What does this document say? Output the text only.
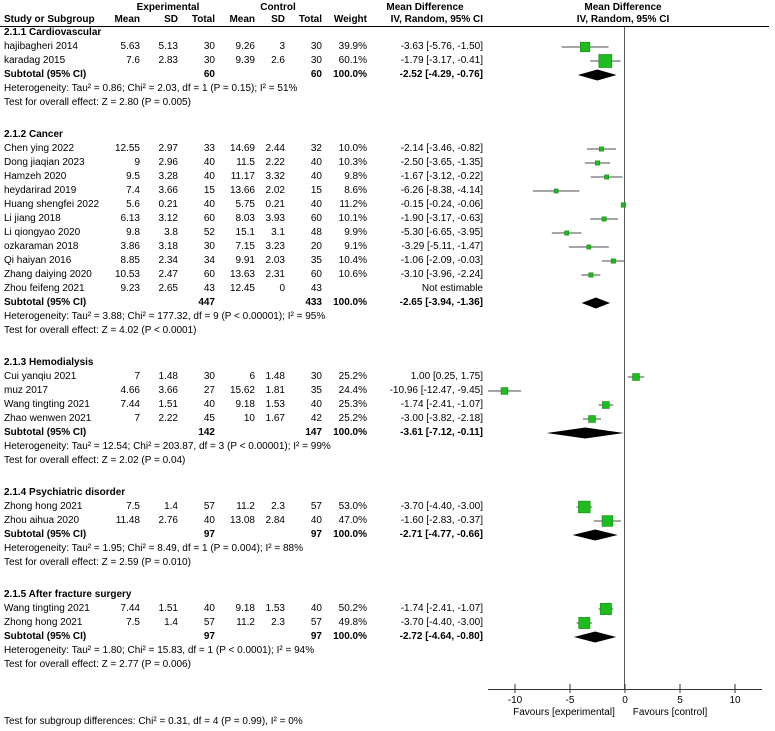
Experimental	Control	Mean Difference	Mean Difference
Study or Subgroup	Mean	SD	Total	Mean	SD	Total	Weight	IV, Random, 95% CI	IV, Random, 95% CI
2.1.1 Cardiovascular
hajibagheri 2014	5.63	5.13	30	9.26	3	30	39.9%	-3.63 [-5.76, -1.50]
karadag 2015	7.6	2.83	30	9.39	2.6	30	60.1%	-1.79 [-3.17, -0.41]
Subtotal (95% CI)	60	60	100.0%	-2.52 [-4.29, -0.76]
Heterogeneity: Tau² = 0.86; Chi² = 2.03, df = 1 (P = 0.15); I² = 51%
Test for overall effect: Z = 2.80 (P = 0.005)
2.1.2 Cancer
Chen ying 2022	12.55	2.97	33	14.69	2.44	32	10.0%	-2.14 [-3.46, -0.82]
Dong jiaqian 2023	9	2.96	40	11.5	2.22	40	10.3%	-2.50 [-3.65, -1.35]
Hamzeh 2020	9.5	3.28	40	11.17	3.32	40	9.8%	-1.67 [-3.12, -0.22]
heydarirad 2019	7.4	3.66	15	13.66	2.02	15	8.6%	-6.26 [-8.38, -4.14]
Huang shengfei 2022	5.6	0.21	40	5.75	0.21	40	11.2%	-0.15 [-0.24, -0.06]
Li jiang 2018	6.13	3.12	60	8.03	3.93	60	10.1%	-1.90 [-3.17, -0.63]
Li qiongyao 2020	9.8	3.8	52	15.1	3.1	48	9.9%	-5.30 [-6.65, -3.95]
ozkaraman 2018	3.86	3.18	30	7.15	3.23	20	9.1%	-3.29 [-5.11, -1.47]
Qi haiyan 2016	8.85	2.34	34	9.91	2.03	35	10.4%	-1.06 [-2.09, -0.03]
Zhang daiying 2020	10.53	2.47	60	13.63	2.31	60	10.6%	-3.10 [-3.96, -2.24]
Zhou feifeng 2021	9.23	2.65	43	12.45	0	43	Not estimable
Subtotal (95% CI)	447	433	100.0%	-2.65 [-3.94, -1.36]
Heterogeneity: Tau² = 3.88; Chi² = 177.32, df = 9 (P < 0.00001); I² = 95%
Test for overall effect: Z = 4.02 (P < 0.0001)
2.1.3 Hemodialysis
Cui yanqiu 2021	7	1.48	30	6	1.48	30	25.2%	1.00 [0.25, 1.75]
muz 2017	4.66	3.66	27	15.62	1.81	35	24.4%	-10.96 [-12.47, -9.45]
Wang tingting 2021	7.44	1.51	40	9.18	1.53	40	25.3%	-1.74 [-2.41, -1.07]
Zhao wenwen 2021	7	2.22	45	10	1.67	42	25.2%	-3.00 [-3.82, -2.18]
Subtotal (95% CI)	142	147	100.0%	-3.61 [-7.12, -0.11]
Heterogeneity: Tau² = 12.54; Chi² = 203.87, df = 3 (P < 0.00001); I² = 99%
Test for overall effect: Z = 2.02 (P = 0.04)
2.1.4 Psychiatric disorder
Zhong hong 2021	7.5	1.4	57	11.2	2.3	57	53.0%	-3.70 [-4.40, -3.00]
Zhou aihua 2020	11.48	2.76	40	13.08	2.84	40	47.0%	-1.60 [-2.83, -0.37]
Subtotal (95% CI)	97	97	100.0%	-2.71 [-4.77, -0.66]
Heterogeneity: Tau² = 1.95; Chi² = 8.49, df = 1 (P = 0.004); I² = 88%
Test for overall effect: Z = 2.59 (P = 0.010)
2.1.5 After fracture surgery
Wang tingting 2021	7.44	1.51	40	9.18	1.53	40	50.2%	-1.74 [-2.41, -1.07]
Zhong hong 2021	7.5	1.4	57	11.2	2.3	57	49.8%	-3.70 [-4.40, -3.00]
Subtotal (95% CI)	97	97	100.0%	-2.72 [-4.64, -0.80]
Heterogeneity: Tau² = 1.80; Chi² = 15.83, df = 1 (P < 0.0001); I² = 94%
Test for overall effect: Z = 2.77 (P = 0.006)
-10	-5	0	5	10
Favours [experimental] Favours [control]
Test for subgroup differences: Chi² = 0.31, df = 4 (P = 0.99), I² = 0%
